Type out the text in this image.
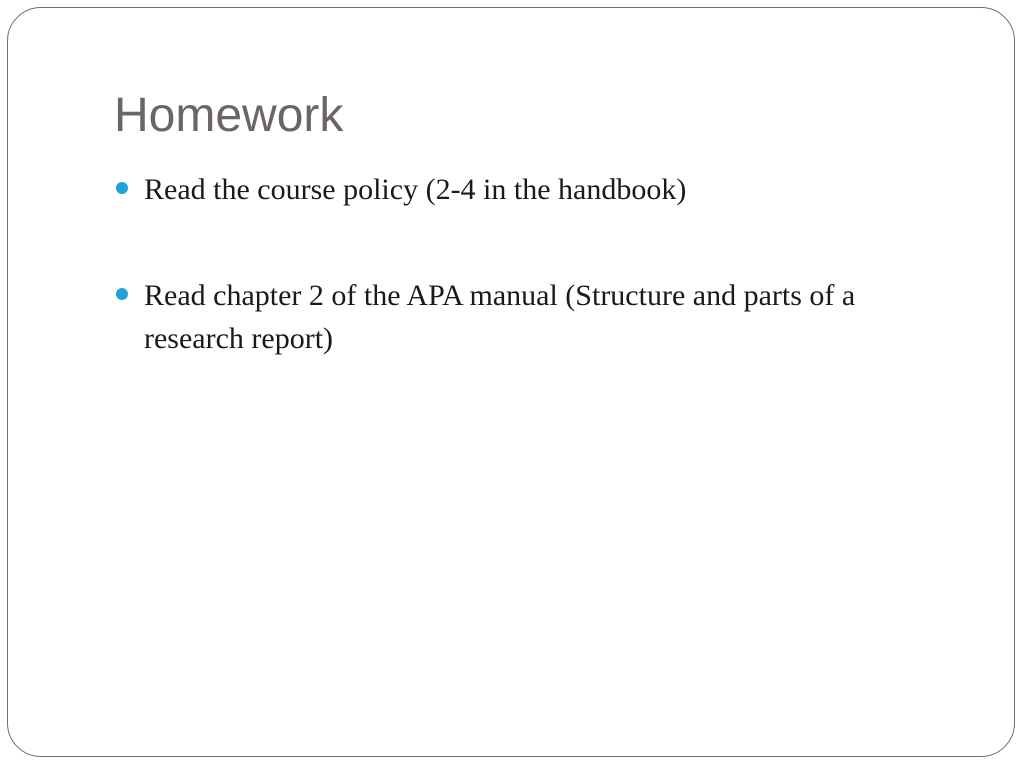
Homework
Read the course policy (2-4 in the handbook)
Read chapter 2 of the APA manual (Structure and parts of a research report)
